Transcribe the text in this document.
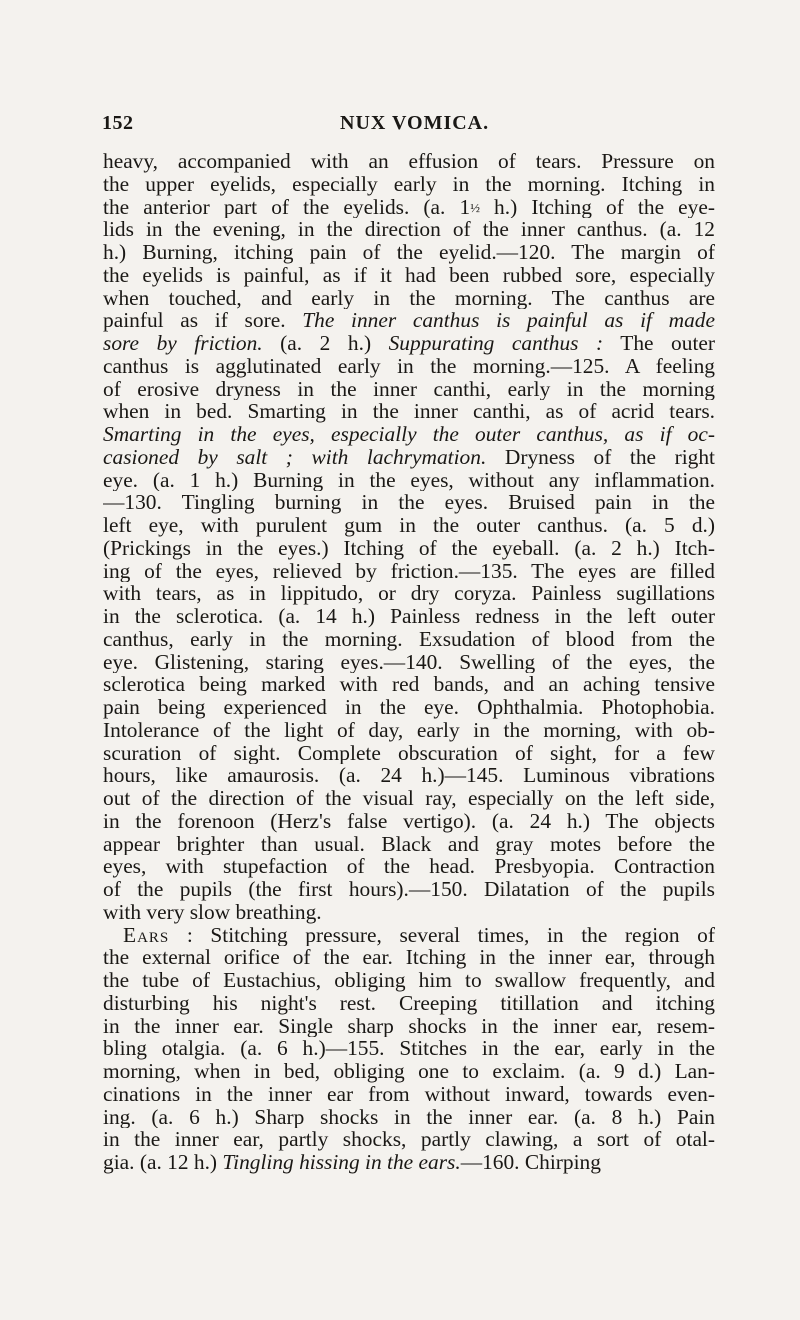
152	NUX VOMICA.
heavy, accompanied with an effusion of tears. Pressure on
the upper eyelids, especially early in the morning. Itching in
the anterior part of the eyelids. (a. 1½ h.) Itching of the eye-
lids in the evening, in the direction of the inner canthus. (a. 12
h.) Burning, itching pain of the eyelid.—120. The margin of
the eyelids is painful, as if it had been rubbed sore, especially
when touched, and early in the morning. The canthus are
painful as if sore. The inner canthus is painful as if made
sore by friction. (a. 2 h.) Suppurating canthus : The outer
canthus is agglutinated early in the morning.—125. A feeling
of erosive dryness in the inner canthi, early in the morning
when in bed. Smarting in the inner canthi, as of acrid tears.
Smarting in the eyes, especially the outer canthus, as if oc-
casioned by salt ; with lachrymation. Dryness of the right
eye. (a. 1 h.) Burning in the eyes, without any inflammation.
—130. Tingling burning in the eyes. Bruised pain in the
left eye, with purulent gum in the outer canthus. (a. 5 d.)
(Prickings in the eyes.) Itching of the eyeball. (a. 2 h.) Itch-
ing of the eyes, relieved by friction.—135. The eyes are filled
with tears, as in lippitudo, or dry coryza. Painless sugillations
in the sclerotica. (a. 14 h.) Painless redness in the left outer
canthus, early in the morning. Exsudation of blood from the
eye. Glistening, staring eyes.—140. Swelling of the eyes, the
sclerotica being marked with red bands, and an aching tensive
pain being experienced in the eye. Ophthalmia. Photophobia.
Intolerance of the light of day, early in the morning, with ob-
scuration of sight. Complete obscuration of sight, for a few
hours, like amaurosis. (a. 24 h.)—145. Luminous vibrations
out of the direction of the visual ray, especially on the left side,
in the forenoon (Herz's false vertigo). (a. 24 h.) The objects
appear brighter than usual. Black and gray motes before the
eyes, with stupefaction of the head. Presbyopia. Contraction
of the pupils (the first hours).—150. Dilatation of the pupils
with very slow breathing.
Ears : Stitching pressure, several times, in the region of
the external orifice of the ear. Itching in the inner ear, through
the tube of Eustachius, obliging him to swallow frequently, and
disturbing his night's rest. Creeping titillation and itching
in the inner ear. Single sharp shocks in the inner ear, resem-
bling otalgia. (a. 6 h.)—155. Stitches in the ear, early in the
morning, when in bed, obliging one to exclaim. (a. 9 d.) Lan-
cinations in the inner ear from without inward, towards even-
ing. (a. 6 h.) Sharp shocks in the inner ear. (a. 8 h.) Pain
in the inner ear, partly shocks, partly clawing, a sort of otal-
gia. (a. 12 h.) Tingling hissing in the ears.—160. Chirping
